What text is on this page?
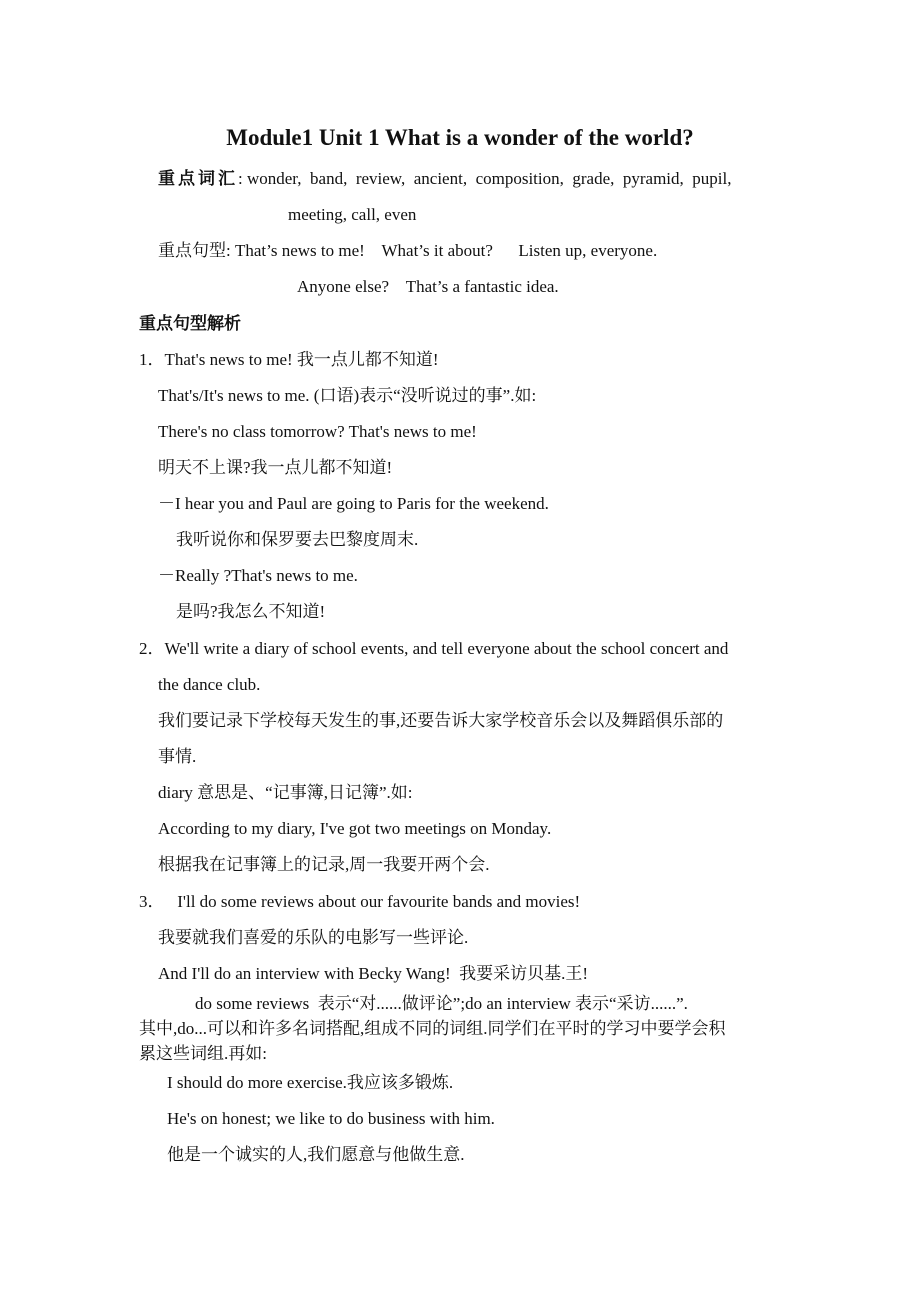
Module1 Unit 1 What is a wonder of the world?
重点词汇: wonder,  band,  review,  ancient,  composition,  grade,  pyramid,  pupil,
meeting, call, even
重点句型: That’s news to me!    What’s it about?      Listen up, everyone.
Anyone else?    That’s a fantastic idea.
重点句型解析
1．That's news to me! 我一点儿都不知道!
That's/It's news to me. (口语)表示“没听说过的事”.如:
There's no class tomorrow? That's news to me!
明天不上课?我一点儿都不知道!
－I hear you and Paul are going to Paris for the weekend.
我听说你和保罗要去巴黎度周末.
－Really ?That's news to me.
是吗?我怎么不知道!
2．We'll write a diary of school events, and tell everyone about the school concert and
the dance club.
我们要记录下学校每天发生的事,还要告诉大家学校音乐会以及舞蹈俱乐部的
事情.
diary 意思是、“记事簿,日记簿”.如:
According to my diary, I've got two meetings on Monday.
根据我在记事簿上的记录,周一我要开两个会.
3．   I'll do some reviews about our favourite bands and movies!
我要就我们喜爱的乐队的电影写一些评论.
And I'll do an interview with Becky Wang!  我要采访贝基.王!
do some reviews  表示“对......做评论”;do an interview 表示“采访......”.
其中,do...可以和许多名词搭配,组成不同的词组.同学们在平时的学习中要学会积
累这些词组.再如:
I should do more exercise.我应该多锻炼.
He's on honest; we like to do business with him.
他是一个诚实的人,我们愿意与他做生意.
